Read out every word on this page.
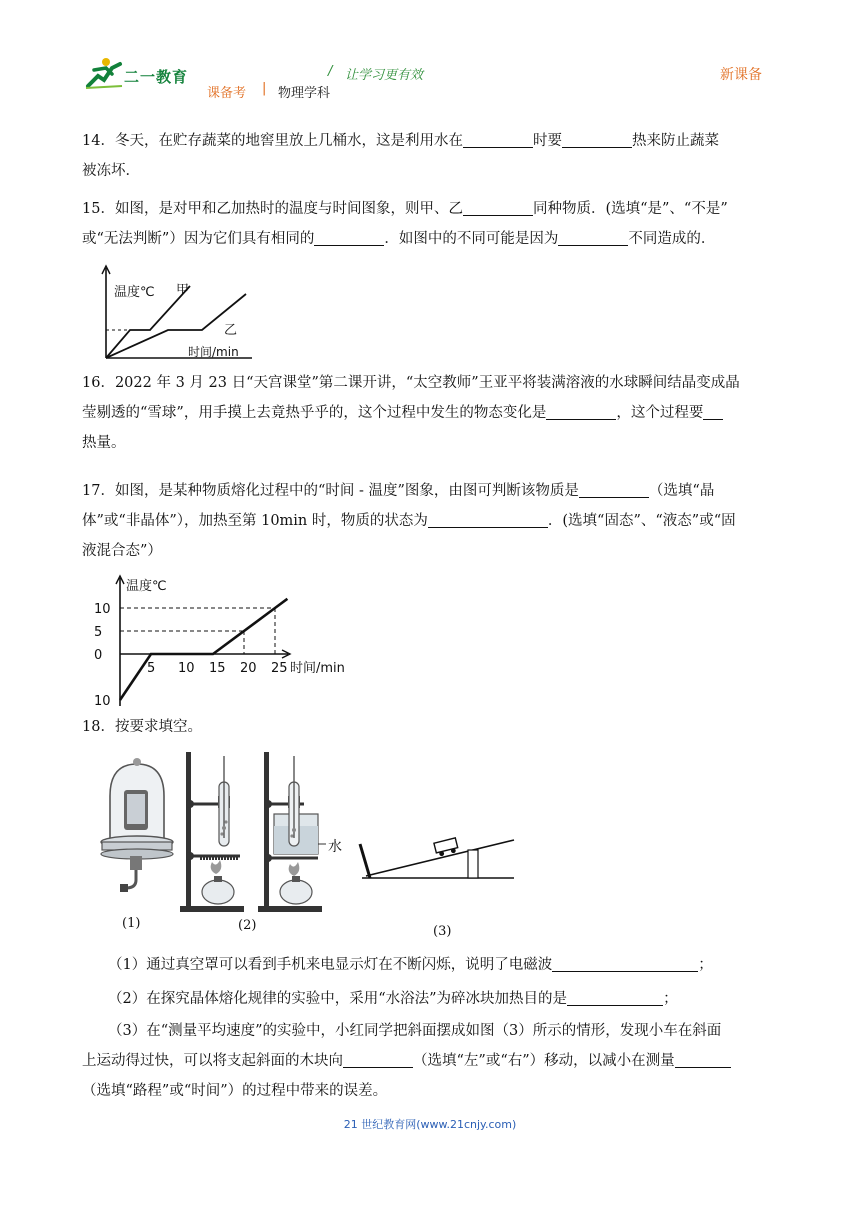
二一教育	/ 让学习更有效
课备考 | 物理学科
新课备
14．冬天，在贮存蔬菜的地窖里放上几桶水，这是利用水在	时要	热来防止蔬菜
被冻坏．
15．如图，是对甲和乙加热时的温度与时间图象，则甲、乙	同种物质．(选填“是”、“不是”
或“无法判断”）因为它们具有相同的	．如图中的不同可能是因为	不同造成的．
温度℃ 甲
乙
时间/min
16．2022 年 3 月 23 日“天宫课堂”第二课开讲，“太空教师”王亚平将装满溶液的水球瞬间结晶变成晶
莹剔透的“雪球”，用手摸上去竟热乎乎的，这个过程中发生的物态变化是	，这个过程要
热量。
17．如图，是某种物质熔化过程中的“时间 - 温度”图象，由图可判断该物质是	（选填“晶
体”或“非晶体”），加热至第 10min 时，物质的状态为	．(选填“固态”、“液态”或“固
液混合态”）
5 10 15 20 25
10
5
0
10
温度℃
时间/min
18．按要求填空。
(1)	(2)
水
(3)
（1）通过真空罩可以看到手机来电显示灯在不断闪烁，说明了电磁波	；
（2）在探究晶体熔化规律的实验中，采用“水浴法”为碎冰块加热目的是	；
（3）在“测量平均速度”的实验中，小红同学把斜面摆成如图（3）所示的情形，发现小车在斜面
上运动得过快，可以将支起斜面的木块向	（选填“左”或“右”）移动，以减小在测量
（选填“路程”或“时间”）的过程中带来的误差。
21 世纪教育网(www.21cnjy.com)
